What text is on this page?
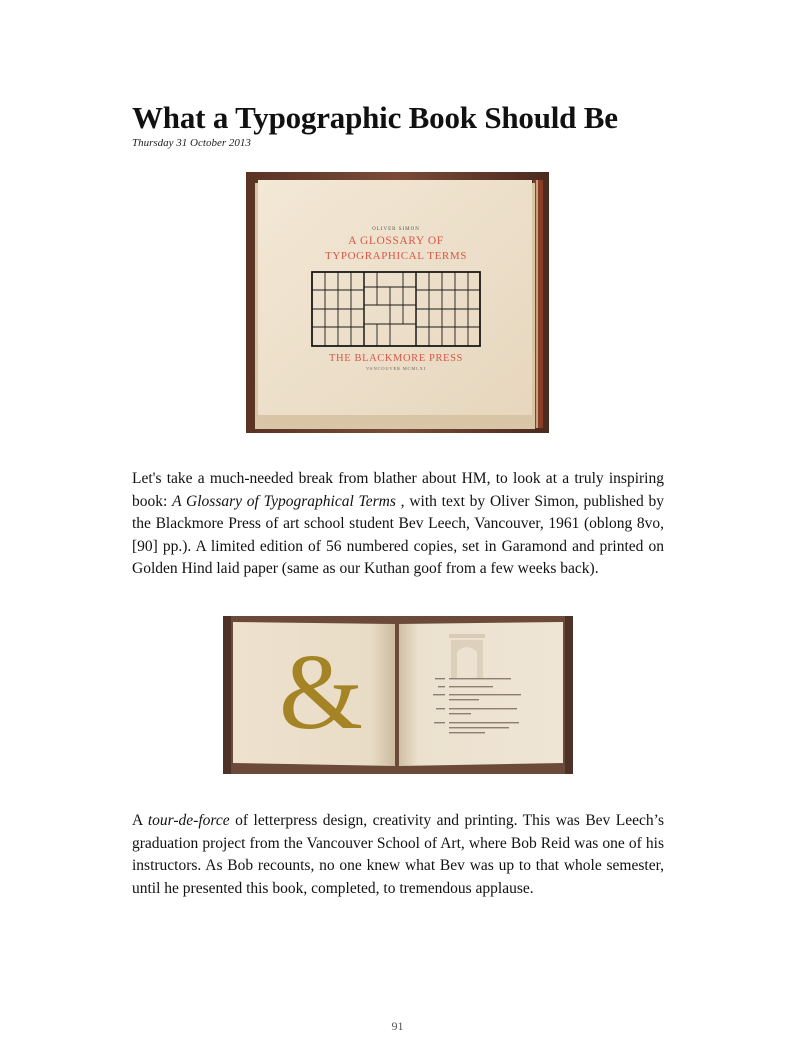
What a Typographic Book Should Be
Thursday 31 October 2013
OLIVER SIMON
A GLOSSARY OF
TYPOGRAPHICAL TERMS
THE BLACKMORE PRESS
VANCOUVER MCMLXI

Let's take a much-needed break from blather about HM, to look at a truly inspiring book: A Glossary of Typographical Terms , with text by Oliver Simon, published by the Blackmore Press of art school student Bev Leech, Vancouver, 1961 (oblong 8vo, [90] pp.). A limited edition of 56 numbered copies, set in Garamond and printed on Golden Hind laid paper (same as our Kuthan goof from a few weeks back).

&

A tour-de-force of letterpress design, creativity and printing. This was Bev Leech’s graduation project from the Vancouver School of Art, where Bob Reid was one of his instructors. As Bob recounts, no one knew what Bev was up to that whole semester, until he presented this book, completed, to tremendous applause.

91
